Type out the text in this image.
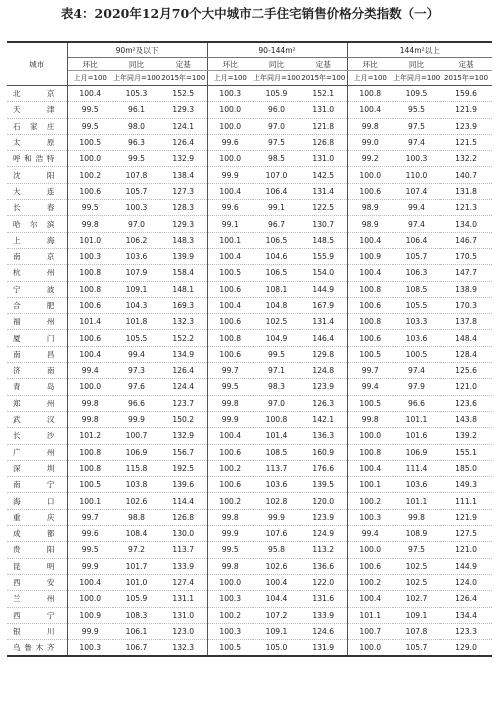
表4：2020年12月70个大中城市二手住宅销售价格分类指数（一）
城市	90m²及以下			90-144m²			144m²以上		
	环比	同比	定基	环比	同比	定基	环比	同比	定基
	上月=100	上年同月=100	2015年=100	上月=100	上年同月=100	2015年=100	上月=100	上年同月=100	2015年=100
北京	100.4	105.3	152.5	100.3	105.9	152.1	100.8	109.5	159.6
天津	99.5	96.1	129.3	100.0	96.0	131.0	100.4	95.5	121.9
石家庄	99.5	98.0	124.1	100.0	97.0	121.8	99.8	97.5	123.9
太原	100.5	96.3	126.4	99.6	97.5	126.8	99.0	97.4	121.5
呼和浩特	100.0	99.5	132.9	100.0	98.5	131.0	99.2	100.3	132.2
沈阳	100.2	107.8	138.4	99.9	107.0	142.5	100.0	110.0	140.7
大连	100.6	105.7	127.3	100.4	106.4	131.4	100.6	107.4	131.8
长春	99.5	100.3	128.3	99.6	99.1	122.5	98.9	99.4	121.3
哈尔滨	99.8	97.0	129.3	99.1	96.7	130.7	98.9	97.4	134.0
上海	101.0	106.2	148.3	100.1	106.5	148.5	100.4	106.4	146.7
南京	100.3	103.6	139.9	100.4	104.6	155.9	100.9	105.7	170.5
杭州	100.8	107.9	158.4	100.5	106.5	154.0	100.4	106.3	147.7
宁波	100.8	109.1	148.1	100.6	108.1	144.9	100.8	108.5	138.9
合肥	100.6	104.3	169.3	100.4	104.8	167.9	100.6	105.5	170.3
福州	101.4	101.8	132.3	100.6	102.5	131.4	100.8	103.3	137.8
厦门	100.6	105.5	152.2	100.8	104.9	146.4	100.6	103.6	148.4
南昌	100.4	99.4	134.9	100.6	99.5	129.8	100.5	100.5	128.4
济南	99.4	97.3	126.4	99.7	97.1	124.8	99.7	97.4	125.6
青岛	100.0	97.6	124.4	99.5	98.3	123.9	99.4	97.9	121.0
郑州	99.8	96.6	123.7	99.8	97.0	126.3	100.5	96.6	123.6
武汉	99.8	99.9	150.2	99.9	100.8	142.1	99.8	101.1	143.8
长沙	101.2	100.7	132.9	100.4	101.4	136.3	100.0	101.6	139.2
广州	100.8	106.9	156.7	100.6	108.5	160.9	100.8	106.9	155.1
深圳	100.8	115.8	192.5	100.2	113.7	176.6	100.4	111.4	185.0
南宁	100.5	103.8	139.6	100.6	103.6	139.5	100.1	103.6	149.3
海口	100.1	102.6	114.4	100.2	102.8	120.0	100.2	101.1	111.1
重庆	99.7	98.8	126.8	99.8	99.9	123.9	100.3	99.8	121.9
成都	99.6	108.4	130.0	99.9	107.6	124.9	99.4	108.9	127.5
贵阳	99.5	97.2	113.7	99.5	95.8	113.2	100.0	97.5	121.0
昆明	99.9	101.7	133.9	99.8	102.6	136.6	100.6	102.5	144.9
西安	100.4	101.0	127.4	100.0	100.4	122.0	100.2	102.5	124.0
兰州	100.0	105.9	131.1	100.3	104.4	131.6	100.4	102.7	126.4
西宁	100.9	108.3	131.0	100.2	107.2	133.9	101.1	109.1	134.4
银川	99.9	106.1	123.0	100.3	109.1	124.6	100.7	107.8	123.3
乌鲁木齐	100.3	106.7	132.3	100.5	105.0	131.9	100.0	105.7	129.0
